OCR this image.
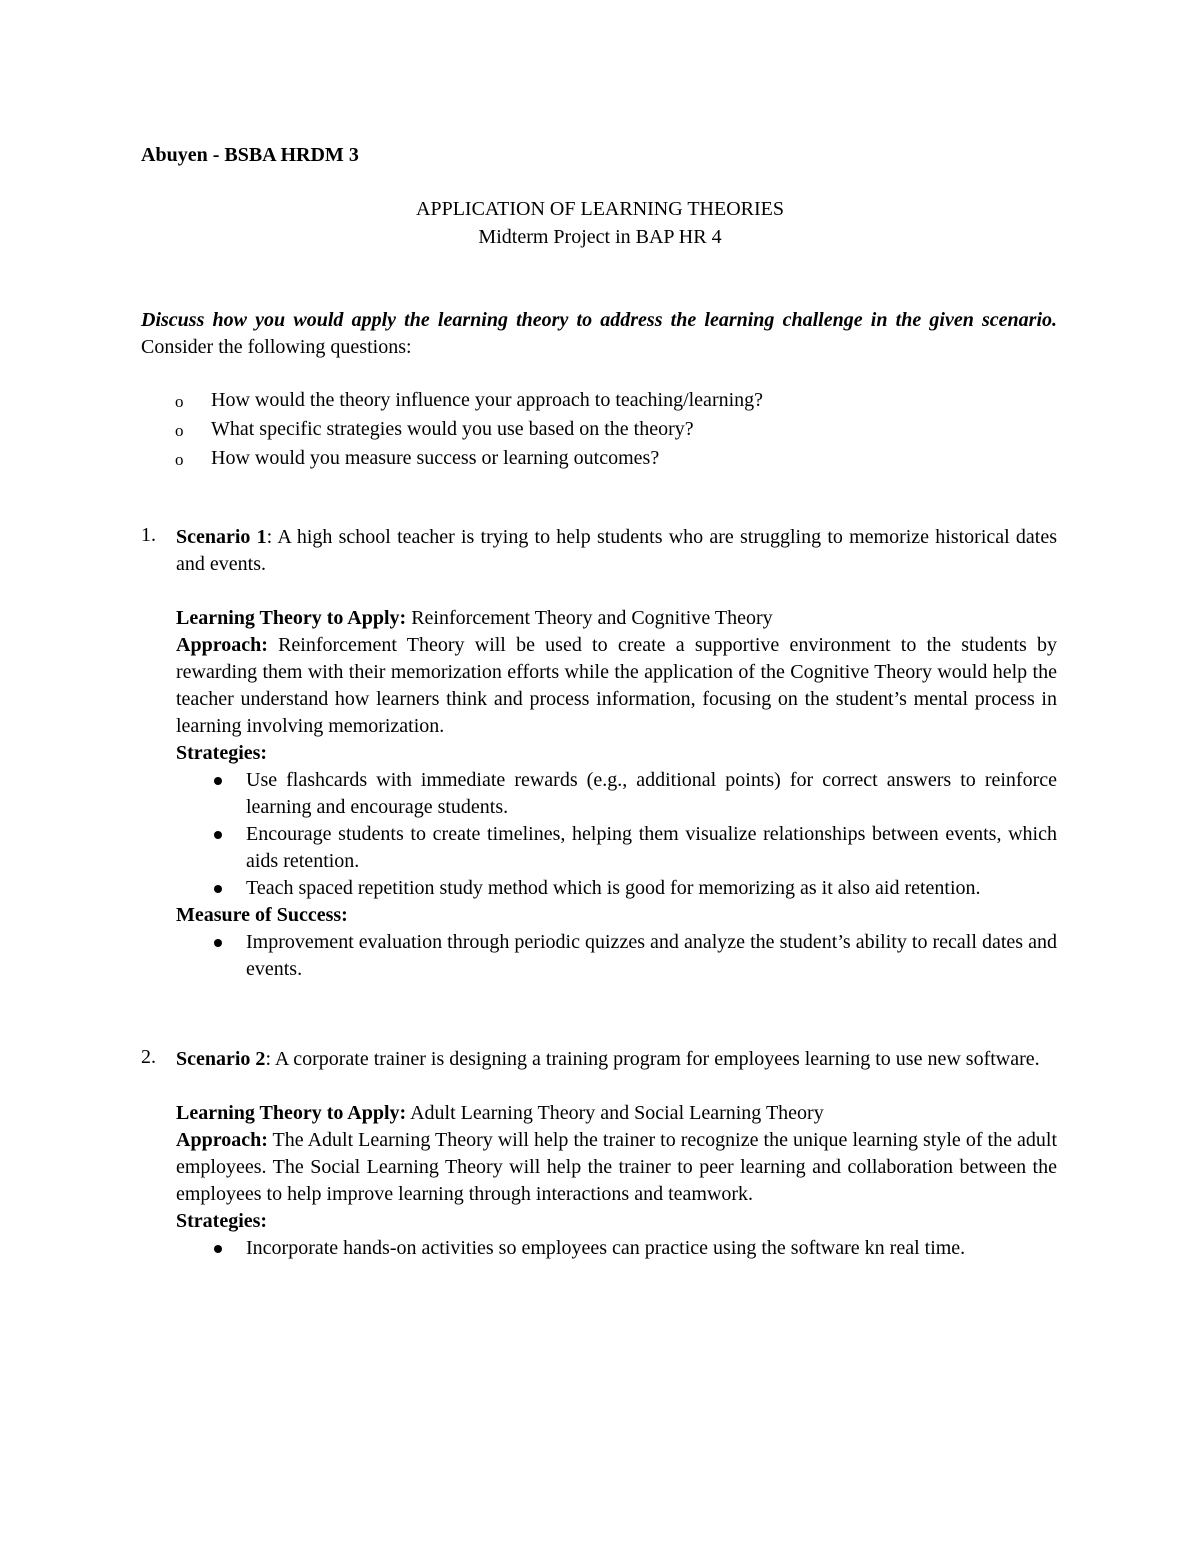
Abuyen - BSBA HRDM 3
APPLICATION OF LEARNING THEORIES
Midterm Project in BAP HR 4
Discuss how you would apply the learning theory to address the learning challenge in the given scenario. Consider the following questions:
o How would the theory influence your approach to teaching/learning?
o What specific strategies would you use based on the theory?
o How would you measure success or learning outcomes?
1. Scenario 1: A high school teacher is trying to help students who are struggling to memorize historical dates and events.

Learning Theory to Apply: Reinforcement Theory and Cognitive Theory

Approach: Reinforcement Theory will be used to create a supportive environment to the students by rewarding them with their memorization efforts while the application of the Cognitive Theory would help the teacher understand how learners think and process information, focusing on the student’s mental process in learning involving memorization.

Strategies:

Use flashcards with immediate rewards (e.g., additional points) for correct answers to reinforce learning and encourage students.
Encourage students to create timelines, helping them visualize relationships between events, which aids retention.
Teach spaced repetition study method which is good for memorizing as it also aid retention.

Measure of Success:

Improvement evaluation through periodic quizzes and analyze the student’s ability to recall dates and events.
2. Scenario 2: A corporate trainer is designing a training program for employees learning to use new software.

Learning Theory to Apply: Adult Learning Theory and Social Learning Theory

Approach: The Adult Learning Theory will help the trainer to recognize the unique learning style of the adult employees. The Social Learning Theory will help the trainer to peer learning and collaboration between the employees to help improve learning through interactions and teamwork.

Strategies:

Incorporate hands-on activities so employees can practice using the software kn real time.
